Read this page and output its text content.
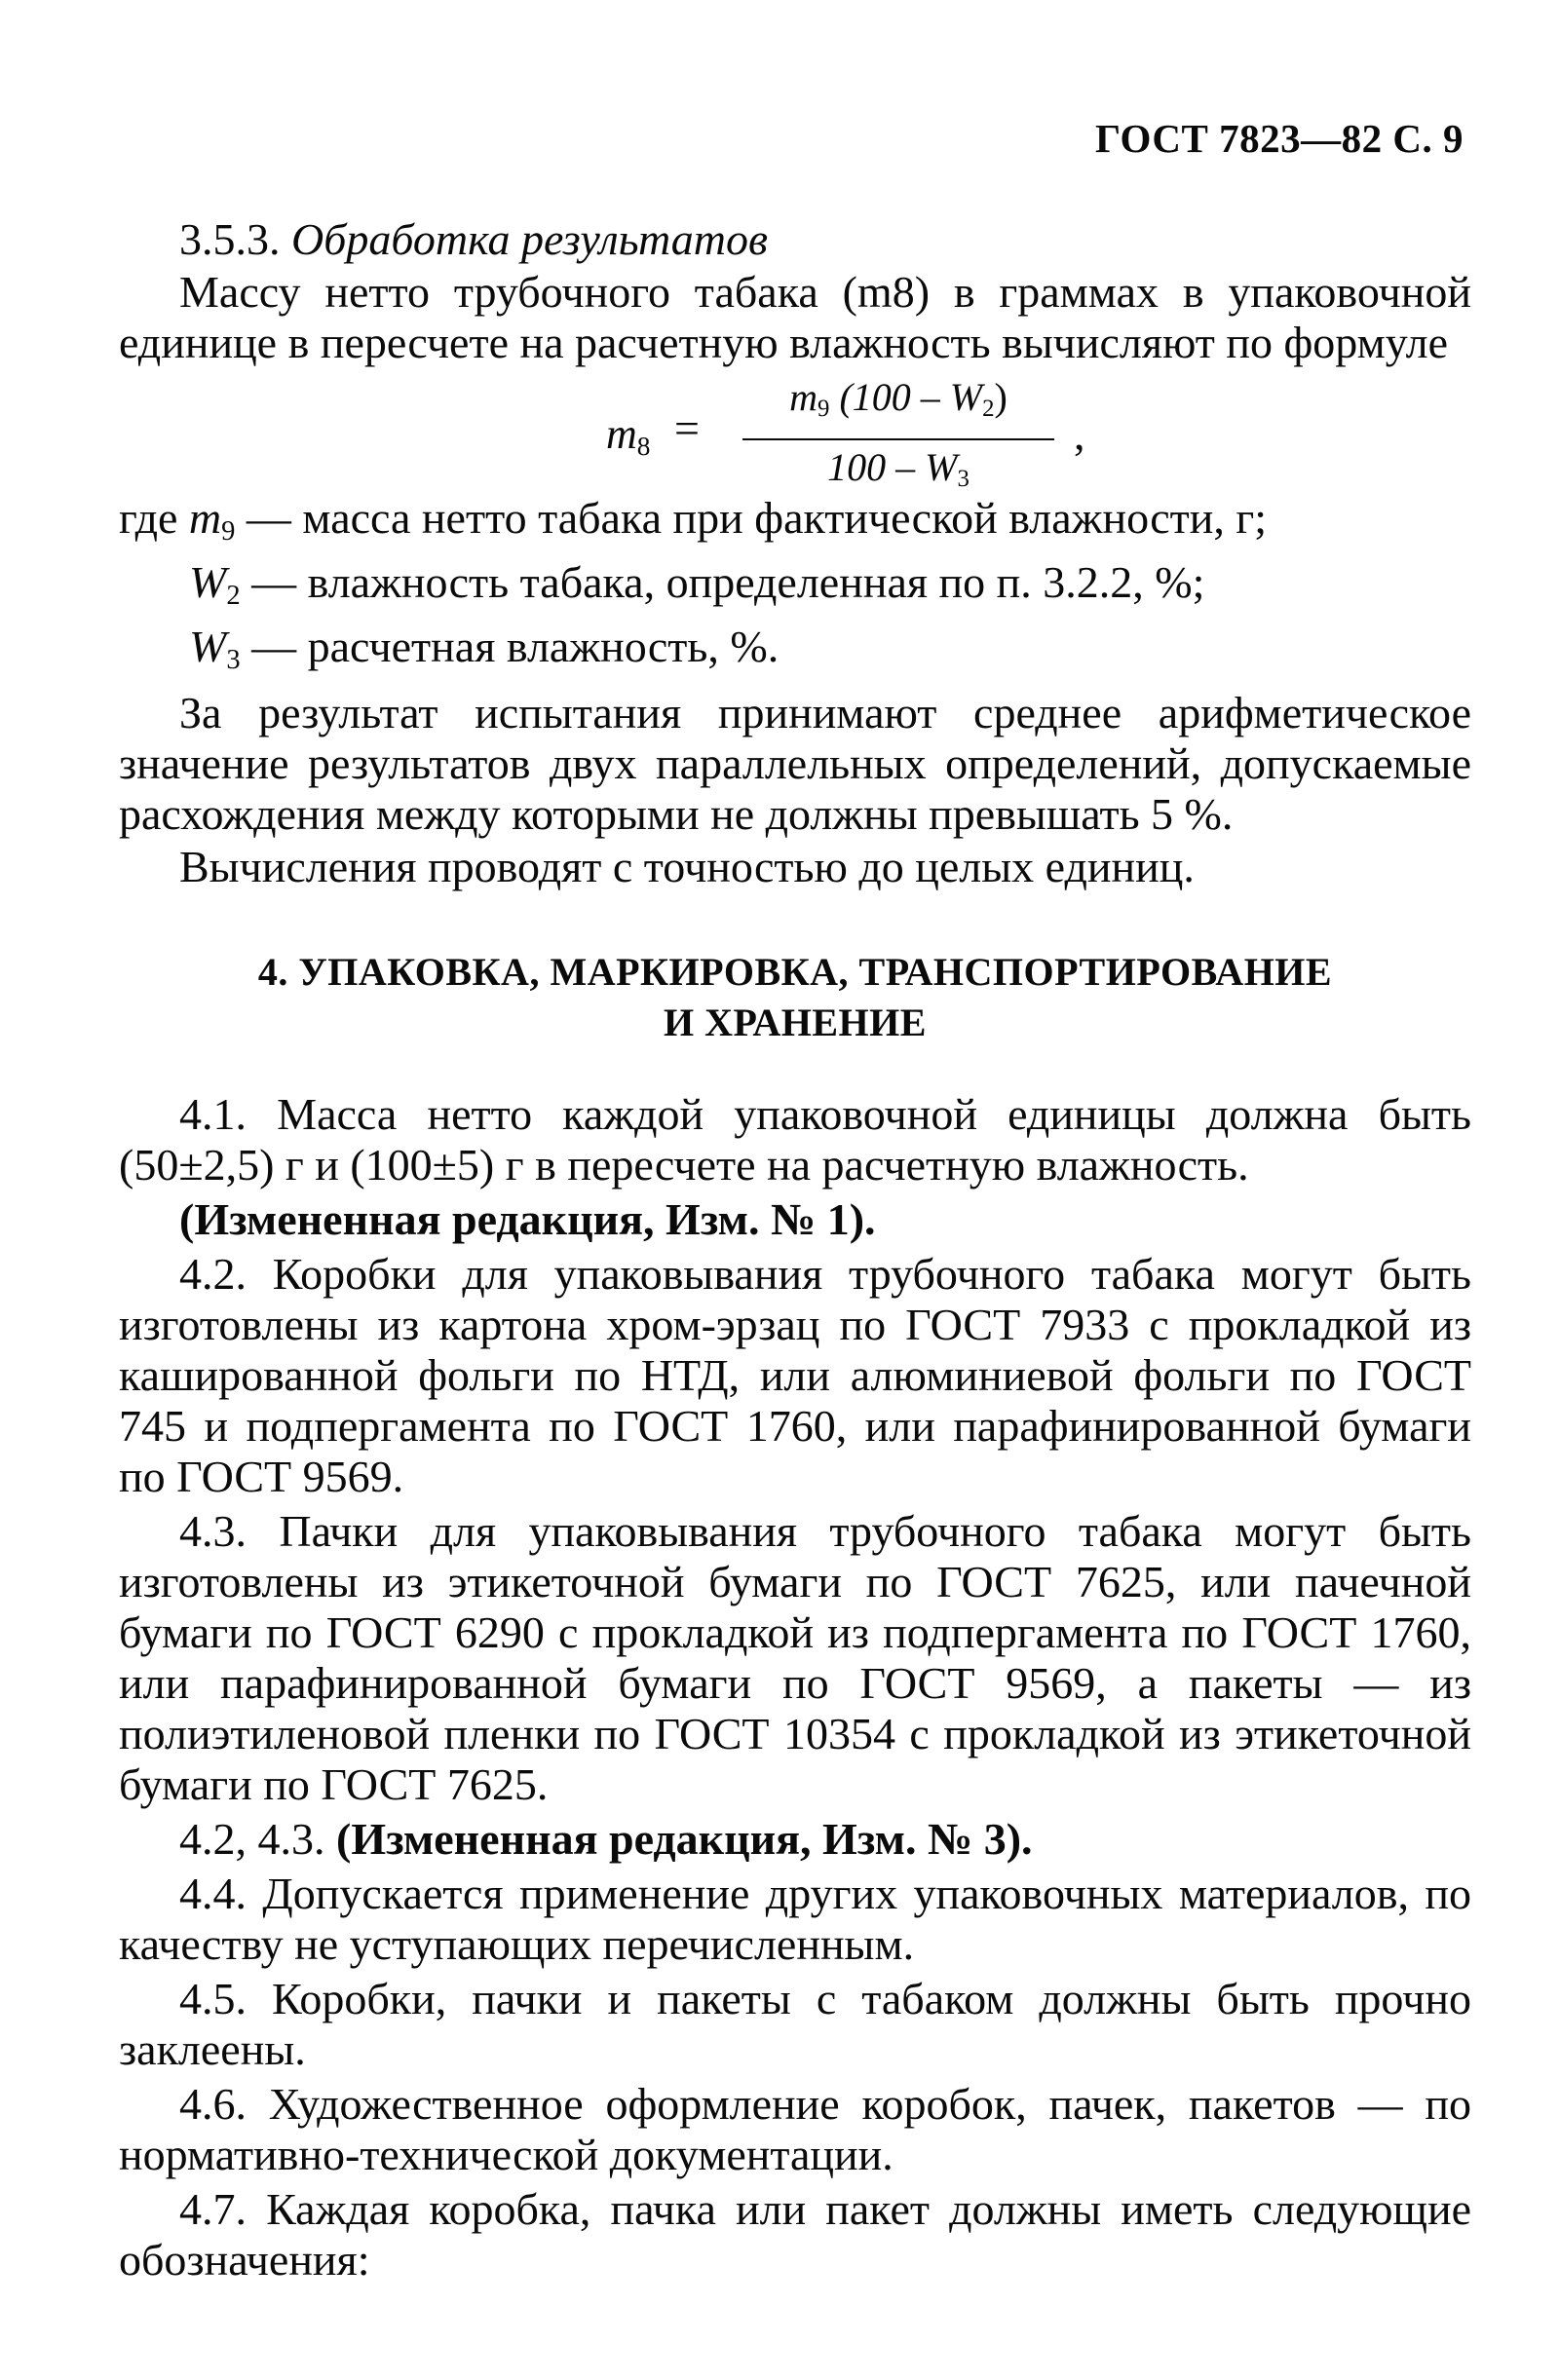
ГОСТ 7823—82 С. 9

3.5.3. Обработка результатов

Массу нетто трубочного табака (m8) в граммах в упаковочной единице в пересчете на расчетную влажность вычисляют по формуле

$m_8$ =
$m_9$ $(100 - W_2)$
$100 - W_3$
,
где $m_9$ — масса нетто табака при фактической влажности, г;
$W_2$ — влажность табака, определенная по п. 3.2.2, %;
$W_3$ — расчетная влажность, %.

За результат испытания принимают среднее арифметическое значение результатов двух параллельных определений, допускаемые расхождения между которыми не должны превышать 5 %.

Вычисления проводят с точностью до целых единиц.

4. УПАКОВКА, МАРКИРОВКА, ТРАНСПОРТИРОВАНИЕ
И ХРАНЕНИЕ

4.1. Масса нетто каждой упаковочной единицы должна быть (50±2,5) г и (100±5) г в пересчете на расчетную влажность.

(Измененная редакция, Изм. № 1).

4.2. Коробки для упаковывания трубочного табака могут быть изготовлены из картона хром-эрзац по ГОСТ 7933 с прокладкой из кашированной фольги по НТД, или алюминиевой фольги по ГОСТ 745 и подпергамента по ГОСТ 1760, или парафинированной бумаги по ГОСТ 9569.

4.3. Пачки для упаковывания трубочного табака могут быть изготовлены из этикеточной бумаги по ГОСТ 7625, или пачечной бумаги по ГОСТ 6290 с прокладкой из подпергамента по ГОСТ 1760, или парафинированной бумаги по ГОСТ 9569, а пакеты — из полиэтиленовой пленки по ГОСТ 10354 с прокладкой из этикеточной бумаги по ГОСТ 7625.

4.2, 4.3. (Измененная редакция, Изм. № 3).

4.4. Допускается применение других упаковочных материалов, по качеству не уступающих перечисленным.

4.5. Коробки, пачки и пакеты с табаком должны быть прочно заклеены.

4.6. Художественное оформление коробок, пачек, пакетов — по нормативно-технической документации.

4.7. Каждая коробка, пачка или пакет должны иметь следующие обозначения:
